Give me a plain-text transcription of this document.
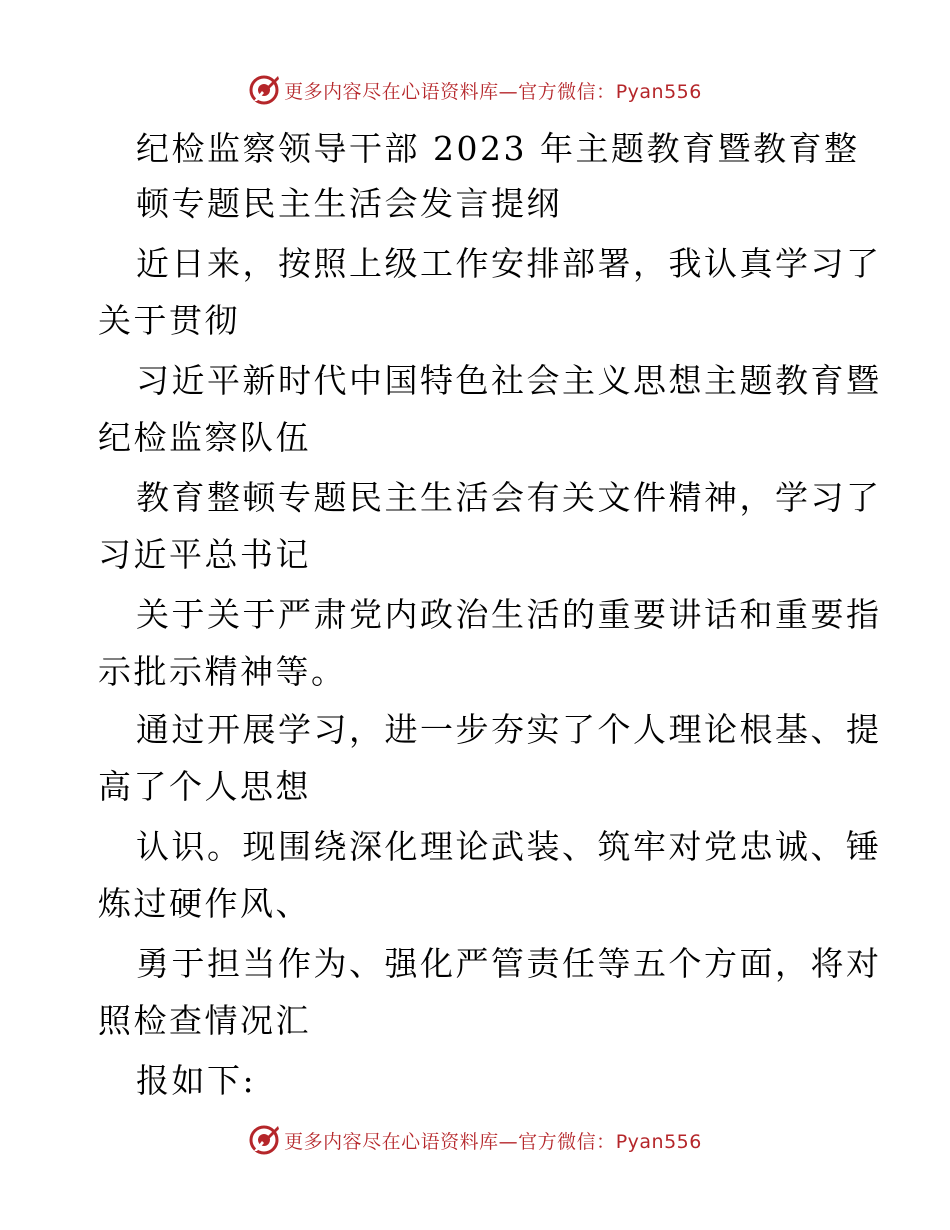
更多内容尽在心语资料库—官方微信：Pyan556
纪检监察领导干部 2023 年主题教育暨教育整
顿专题民主生活会发言提纲
近日来，按照上级工作安排部署，我认真学习了
关于贯彻
习近平新时代中国特色社会主义思想主题教育暨
纪检监察队伍
教育整顿专题民主生活会有关文件精神，学习了
习近平总书记
关于关于严肃党内政治生活的重要讲话和重要指
示批示精神等。
通过开展学习，进一步夯实了个人理论根基、提
高了个人思想
认识。现围绕深化理论武装、筑牢对党忠诚、锤
炼过硬作风、
勇于担当作为、强化严管责任等五个方面，将对
照检查情况汇
报如下:
更多内容尽在心语资料库—官方微信：Pyan556
